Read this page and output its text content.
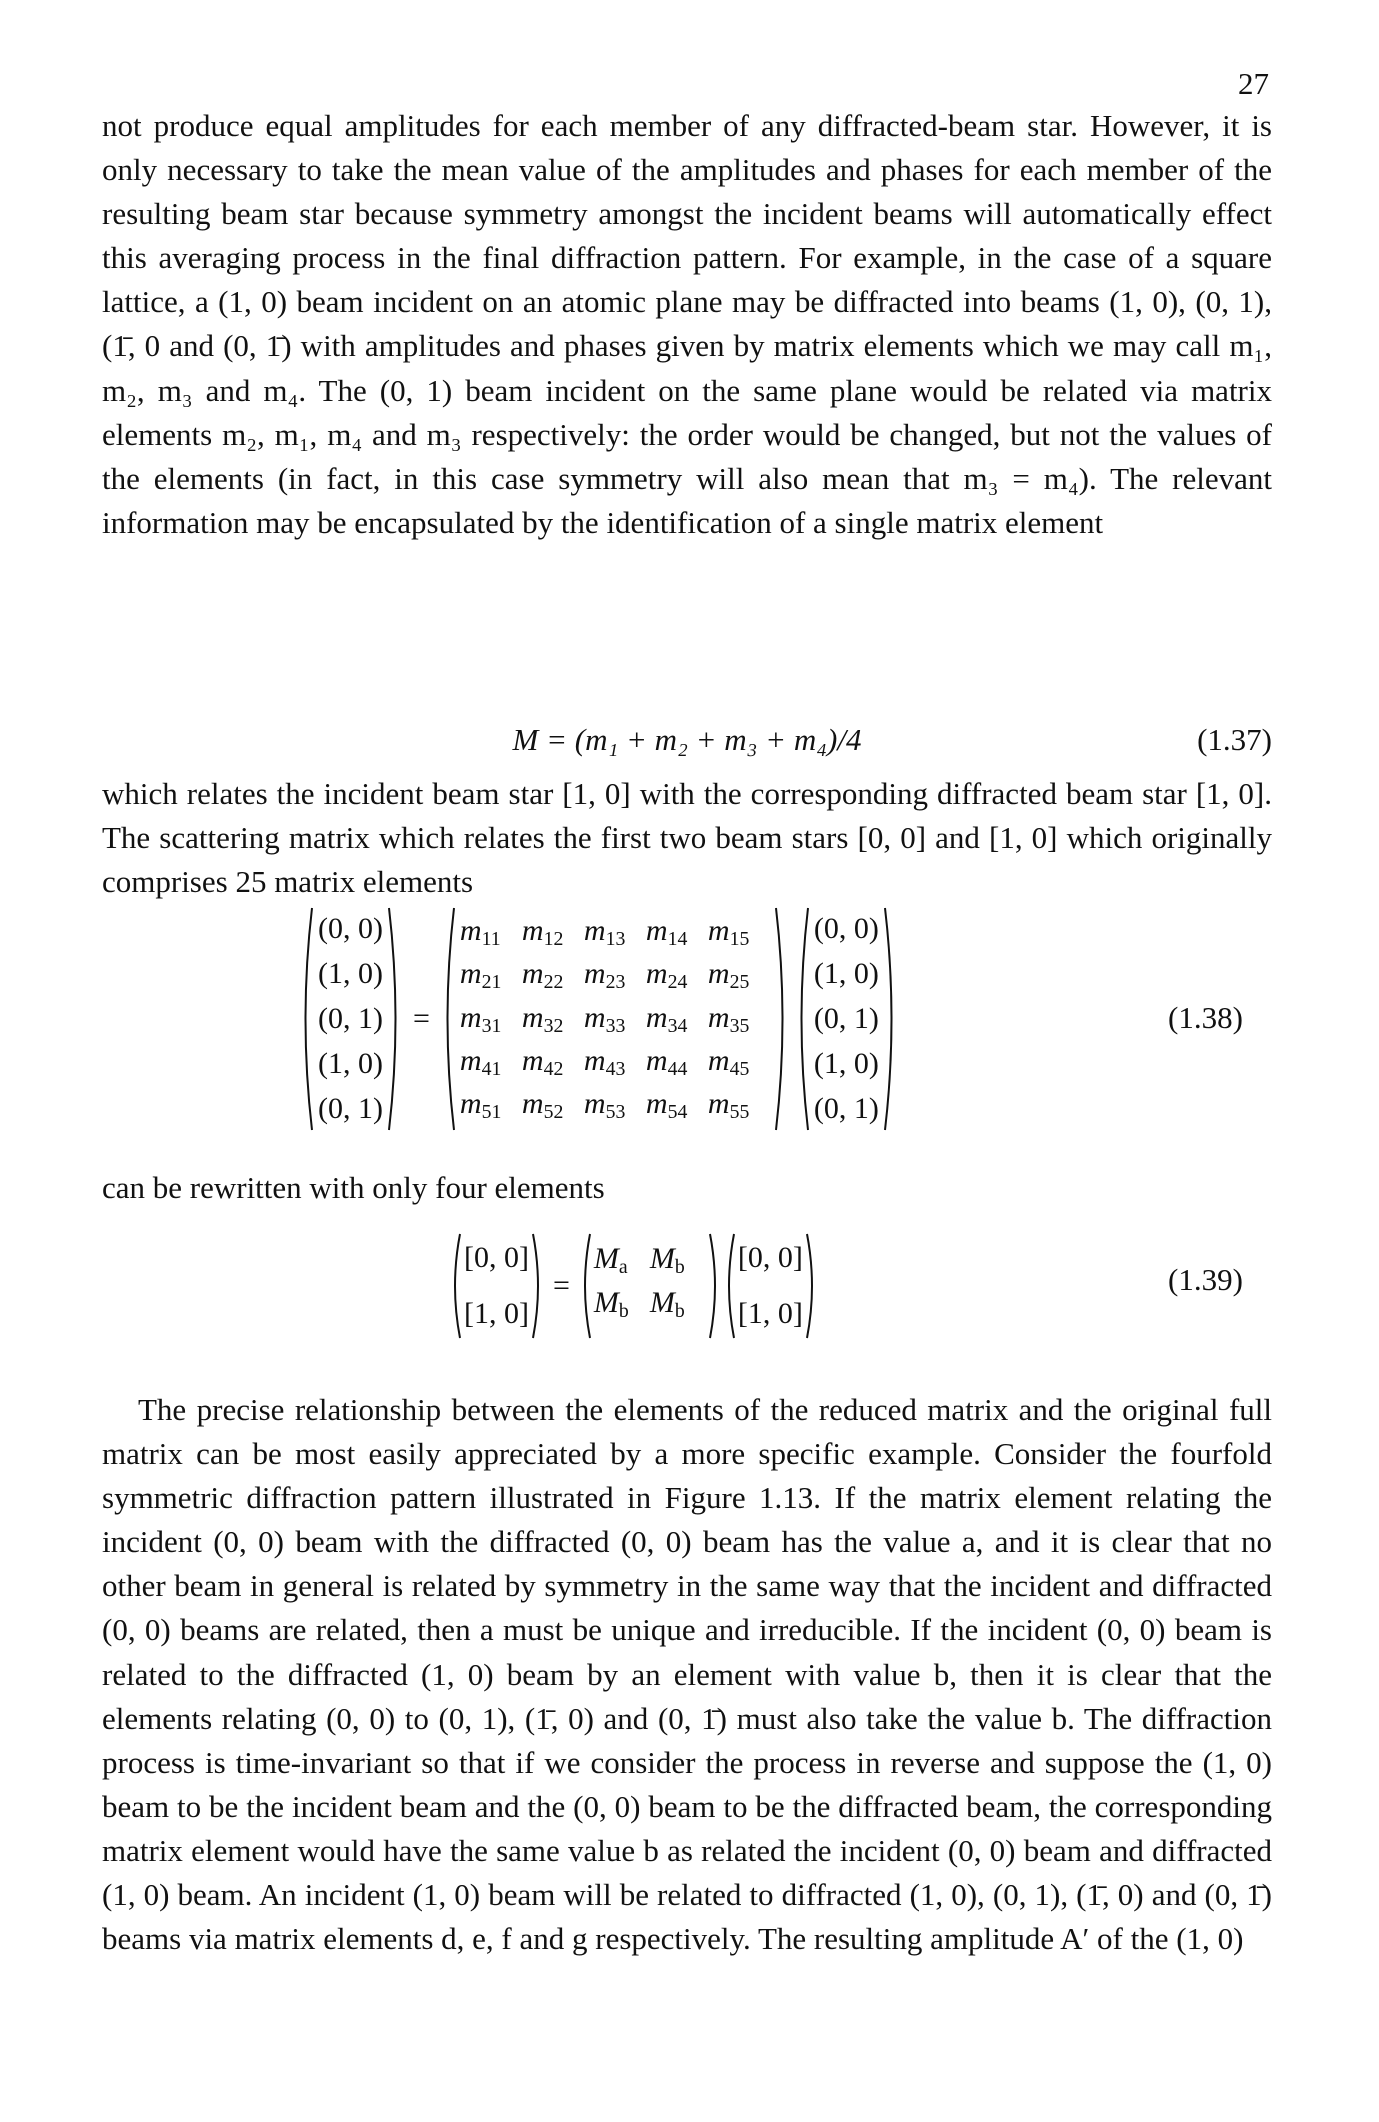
27

not produce equal amplitudes for each member of any diffracted-beam star. However, it is only necessary to take the mean value of the amplitudes and phases for each member of the resulting beam star because symmetry amongst the incident beams will automatically effect this averaging process in the final diffraction pattern. For example, in the case of a square lattice, a (1, 0) beam incident on an atomic plane may be diffracted into beams (1, 0), (0, 1), (1̄, 0 and (0, 1̄) with amplitudes and phases given by matrix elements which we may call m₁, m₂, m₃ and m₄. The (0, 1) beam incident on the same plane would be related via matrix elements m₂, m₁, m₄ and m₃ respectively: the order would be changed, but not the values of the elements (in fact, in this case symmetry will also mean that m₃ = m₄). The relevant information may be encapsulated by the identification of a single matrix element

M = (m₁ + m₂ + m₃ + m₄)/4	(1.37)

which relates the incident beam star [1, 0] with the corresponding diffracted beam star [1, 0]. The scattering matrix which relates the first two beam stars [0, 0] and [1, 0] which originally comprises 25 matrix elements

(0, 0)
(1, 0)
(0, 1)
(1, 0)
(0, 1)
=
$m_{11}$ $m_{12}$ $m_{13}$ $m_{14}$ $m_{15}$
$m_{21}$ $m_{22}$ $m_{23}$ $m_{24}$ $m_{25}$
$m_{31}$ $m_{32}$ $m_{33}$ $m_{34}$ $m_{35}$
$m_{41}$ $m_{42}$ $m_{43}$ $m_{44}$ $m_{45}$
$m_{51}$ $m_{52}$ $m_{53}$ $m_{54}$ $m_{55}$
(0, 0)
(1, 0)
(0, 1)
(1, 0)
(0, 1)
(1.38)

can be rewritten with only four elements

[0, 0]
[1, 0]
=
$M_a$ $M_b$
$M_b$ $M_b$
[0, 0]
[1, 0]
(1.39)

The precise relationship between the elements of the reduced matrix and the original full matrix can be most easily appreciated by a more specific example. Consider the fourfold symmetric diffraction pattern illustrated in Figure 1.13. If the matrix element relating the incident (0, 0) beam with the diffracted (0, 0) beam has the value a, and it is clear that no other beam in general is related by symmetry in the same way that the incident and diffracted (0, 0) beams are related, then a must be unique and irreducible. If the incident (0, 0) beam is related to the diffracted (1, 0) beam by an element with value b, then it is clear that the elements relating (0, 0) to (0, 1), (1̄, 0) and (0, 1̄) must also take the value b. The diffraction process is time-invariant so that if we consider the process in reverse and suppose the (1, 0) beam to be the incident beam and the (0, 0) beam to be the diffracted beam, the corresponding matrix element would have the same value b as related the incident (0, 0) beam and diffracted (1, 0) beam. An incident (1, 0) beam will be related to diffracted (1, 0), (0, 1), (1̄, 0) and (0, 1̄) beams via matrix elements d, e, f and g respectively. The resulting amplitude A′ of the (1, 0)
